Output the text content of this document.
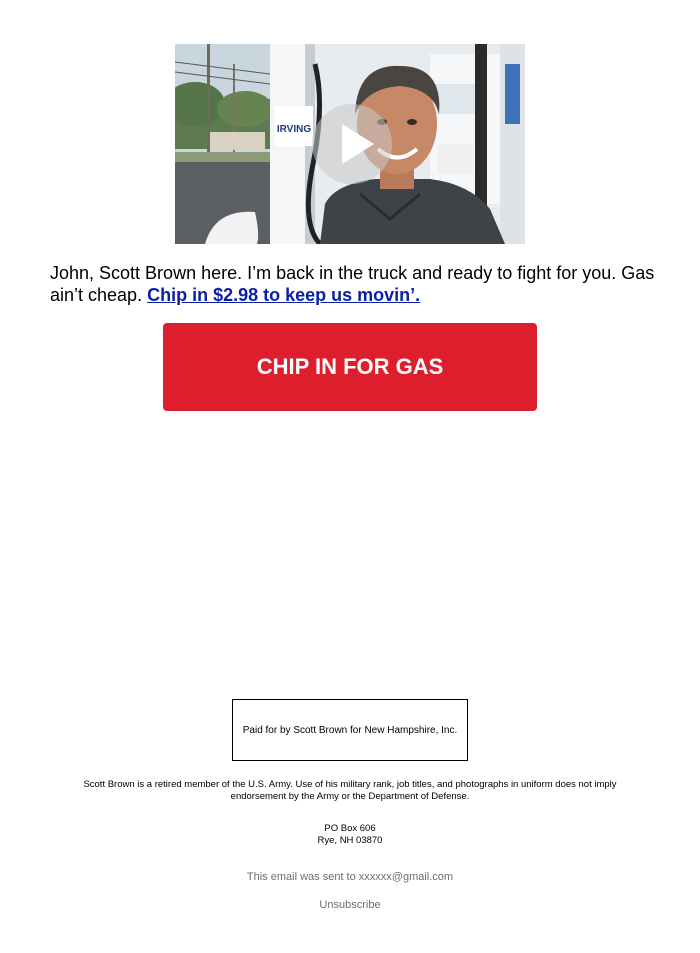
IRVING

John, Scott Brown here. I’m back in the truck and ready to fight for you. Gas ain’t cheap. Chip in $2.98 to keep us movin’.

CHIP IN FOR GAS
Paid for by Scott Brown for New Hampshire, Inc.

Scott Brown is a retired member of the U.S. Army. Use of his military rank, job titles, and photographs in uniform does not imply endorsement by the Army or the Department of Defense.

PO Box 606
Rye, NH 03870
This email was sent to xxxxxx@gmail.com
Unsubscribe
